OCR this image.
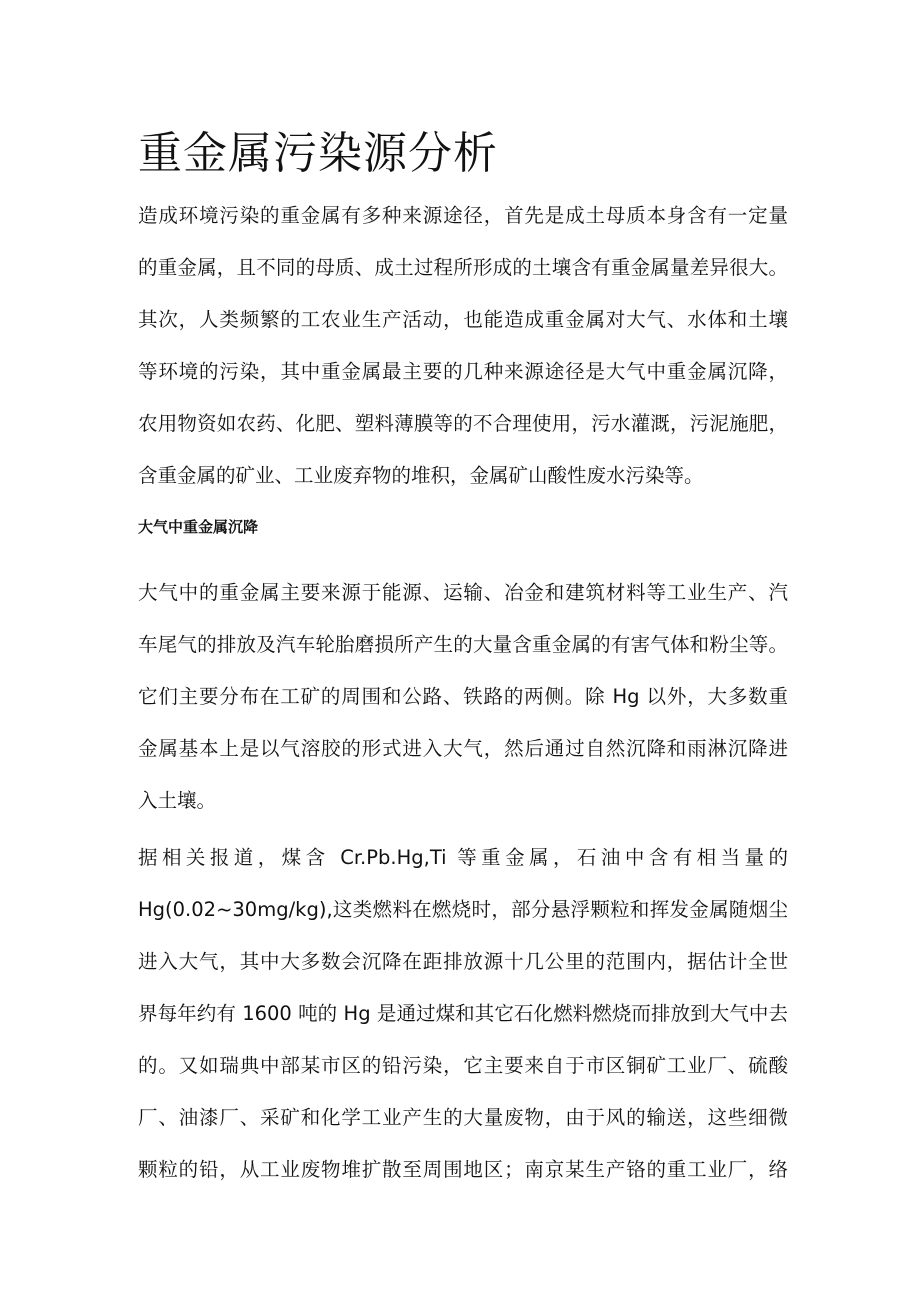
重金属污染源分析
造成环境污染的重金属有多种来源途径，首先是成土母质本身含有一定量
的重金属，且不同的母质、成土过程所形成的土壤含有重金属量差异很大。
其次，人类频繁的工农业生产活动，也能造成重金属对大气、水体和土壤
等环境的污染，其中重金属最主要的几种来源途径是大气中重金属沉降，
农用物资如农药、化肥、塑料薄膜等的不合理使用，污水灌溉，污泥施肥，
含重金属的矿业、工业废弃物的堆积，金属矿山酸性废水污染等。
大气中重金属沉降
大气中的重金属主要来源于能源、运输、冶金和建筑材料等工业生产、汽
车尾气的排放及汽车轮胎磨损所产生的大量含重金属的有害气体和粉尘等。
它们主要分布在工矿的周围和公路、铁路的两侧。除 Hg 以外，大多数重
金属基本上是以气溶胶的形式进入大气，然后通过自然沉降和雨淋沉降进
入土壤。
据相关报道，煤含 Cr.Pb.Hg,Ti 等重金属，石油中含有相当量的
Hg(0.02~30mg/kg),这类燃料在燃烧时，部分悬浮颗粒和挥发金属随烟尘
进入大气，其中大多数会沉降在距排放源十几公里的范围内，据估计全世
界每年约有 1600 吨的 Hg 是通过煤和其它石化燃料燃烧而排放到大气中去
的。又如瑞典中部某市区的铅污染，它主要来自于市区铜矿工业厂、硫酸
厂、油漆厂、采矿和化学工业产生的大量废物，由于风的输送，这些细微
颗粒的铅，从工业废物堆扩散至周围地区；南京某生产铬的重工业厂，络
